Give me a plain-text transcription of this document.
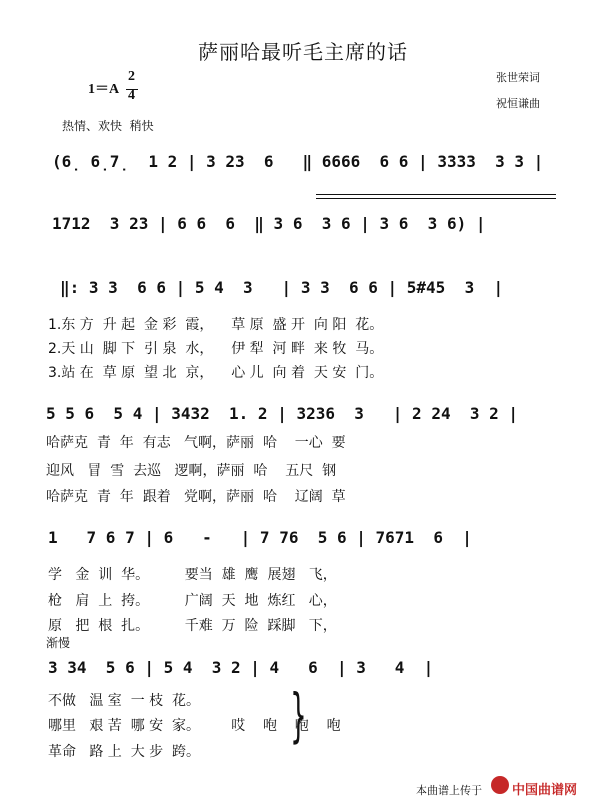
萨丽哈最听毛主席的话
张世荣词
祝恒谦曲
1＝A
2
4
热情、欢快  稍快
(6̣ 6̣7̣  1 2 | 3 23  6   ‖ 6666  6 6 | 3333  3 3 |
1712  3 23 | 6 6  6  ‖ 3 6  3 6 | 3 6  3 6) |
‖: 3 3  6 6 | 5 4  3   | 3 3  6 6 | 5#45  3  |
1.东 方  升 起  金 彩  霞，    草 原  盛 开  向 阳  花。
2.天 山  脚 下  引 泉  水，    伊 犁  河 畔  来 牧  马。
3.站 在  草 原  望 北  京，    心 儿  向 着  天 安  门。
5 5 6  5 4 | 3432  1. 2 | 3236  3   | 2 24  3 2 |
哈萨克  青  年  有志   气啊，萨丽  哈    一心  要
迎风   冒  雪  去巡   逻啊，萨丽  哈    五尺  钢
哈萨克  青  年  跟着   党啊，萨丽  哈    辽阔  草
1   7 6 7 | 6   -   | 7 76  5 6 | 7671  6  |
学   金  训  华。        要当  雄  鹰  展翅   飞，
枪   肩  上  挎。        广阔  天  地  炼红   心，
原   把  根  扎。        千难  万  险  踩脚   下，
渐慢
3 34  5 6 | 5 4  3 2 | 4   6  | 3   4  |
不做   温 室  一 枝  花。
哪里   艰 苦  哪 安  家。       哎    咆    咆    咆
革命   路 上  大 步  跨。
}
本曲谱上传于 中国曲谱网
